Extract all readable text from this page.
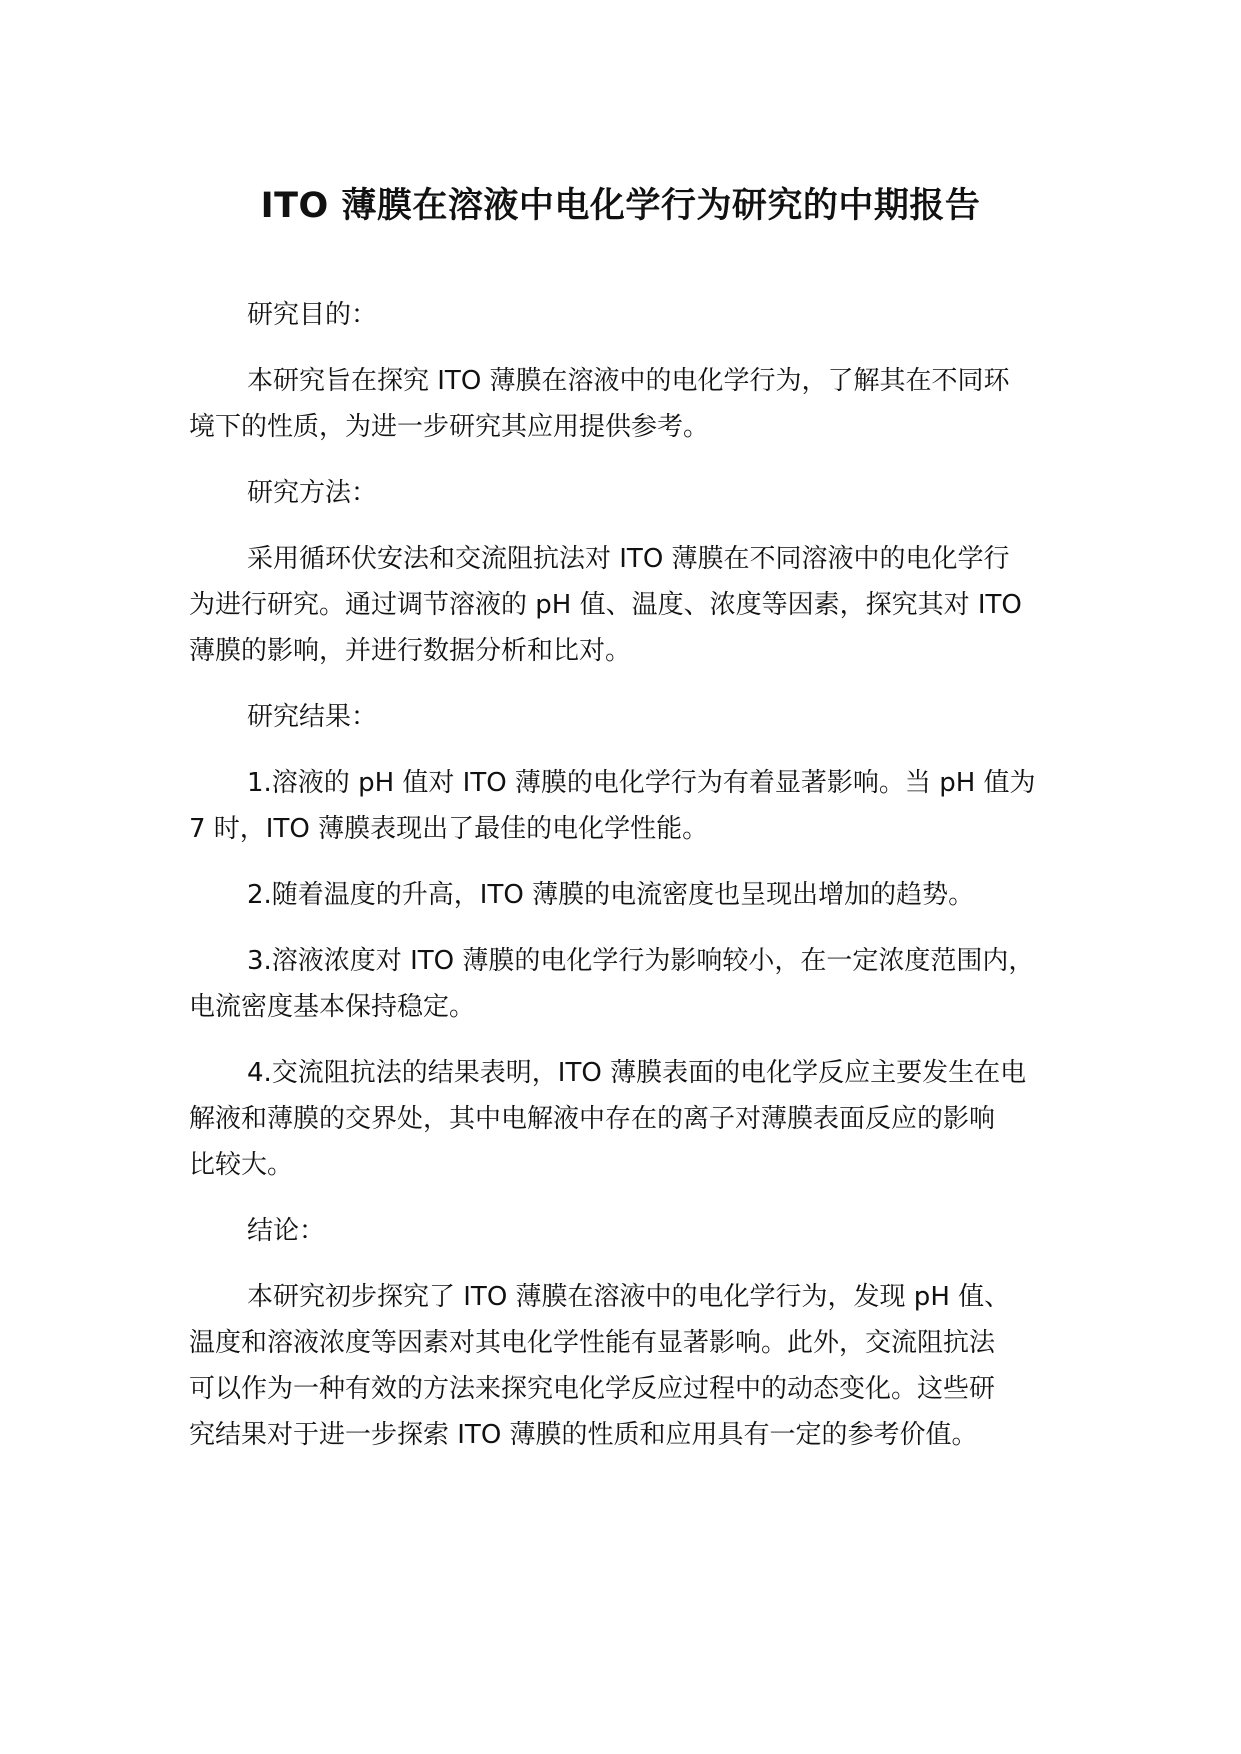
ITO 薄膜在溶液中电化学行为研究的中期报告

研究目的：

本研究旨在探究 ITO 薄膜在溶液中的电化学行为，了解其在不同环
境下的性质，为进一步研究其应用提供参考。

研究方法：

采用循环伏安法和交流阻抗法对 ITO 薄膜在不同溶液中的电化学行
为进行研究。通过调节溶液的 pH 值、温度、浓度等因素，探究其对 ITO
薄膜的影响，并进行数据分析和比对。

研究结果：

1.溶液的 pH 值对 ITO 薄膜的电化学行为有着显著影响。当 pH 值为
7 时，ITO 薄膜表现出了最佳的电化学性能。

2.随着温度的升高，ITO 薄膜的电流密度也呈现出增加的趋势。

3.溶液浓度对 ITO 薄膜的电化学行为影响较小，在一定浓度范围内，
电流密度基本保持稳定。

4.交流阻抗法的结果表明，ITO 薄膜表面的电化学反应主要发生在电
解液和薄膜的交界处，其中电解液中存在的离子对薄膜表面反应的影响
比较大。

结论：

本研究初步探究了 ITO 薄膜在溶液中的电化学行为，发现 pH 值、
温度和溶液浓度等因素对其电化学性能有显著影响。此外，交流阻抗法
可以作为一种有效的方法来探究电化学反应过程中的动态变化。这些研
究结果对于进一步探索 ITO 薄膜的性质和应用具有一定的参考价值。
